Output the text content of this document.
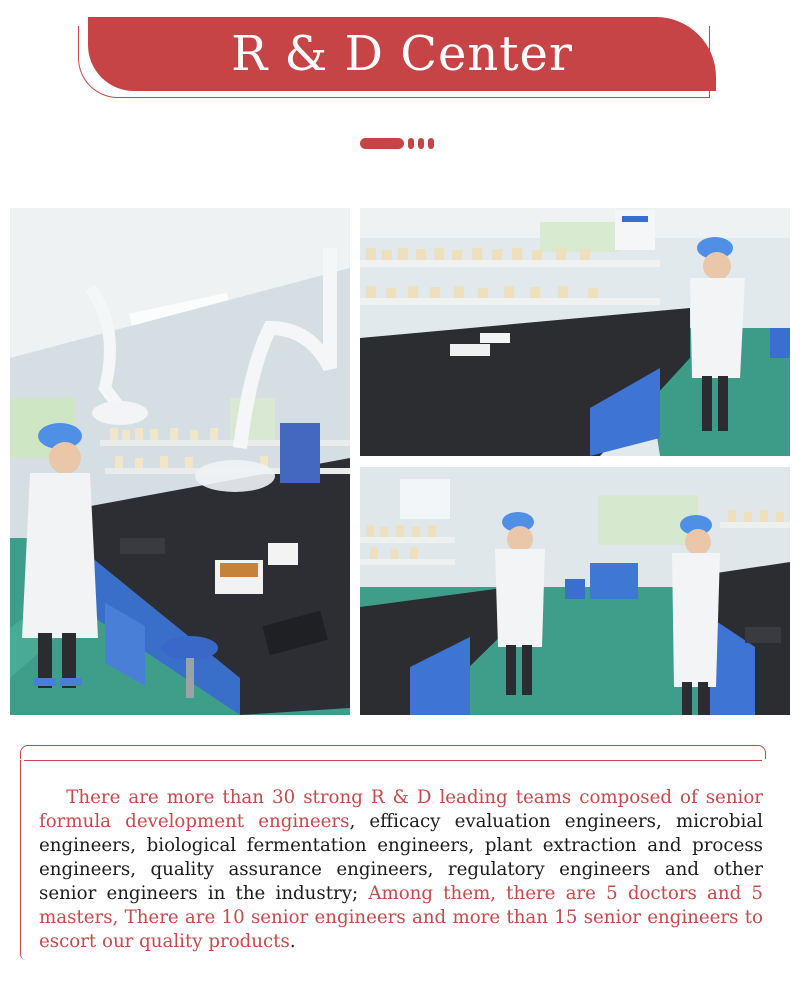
R & D Center

  There are more than 30 strong R & D leading teams composed of senior formula development engineers, efficacy evaluation engineers, microbial engineers, biological fermentation engineers, plant extraction and process engineers, quality assurance engineers, regulatory engineers and other senior engineers in the industry; Among them, there are 5 doctors and 5 masters, There are 10 senior engineers and more than 15 senior engineers to escort our quality products.
